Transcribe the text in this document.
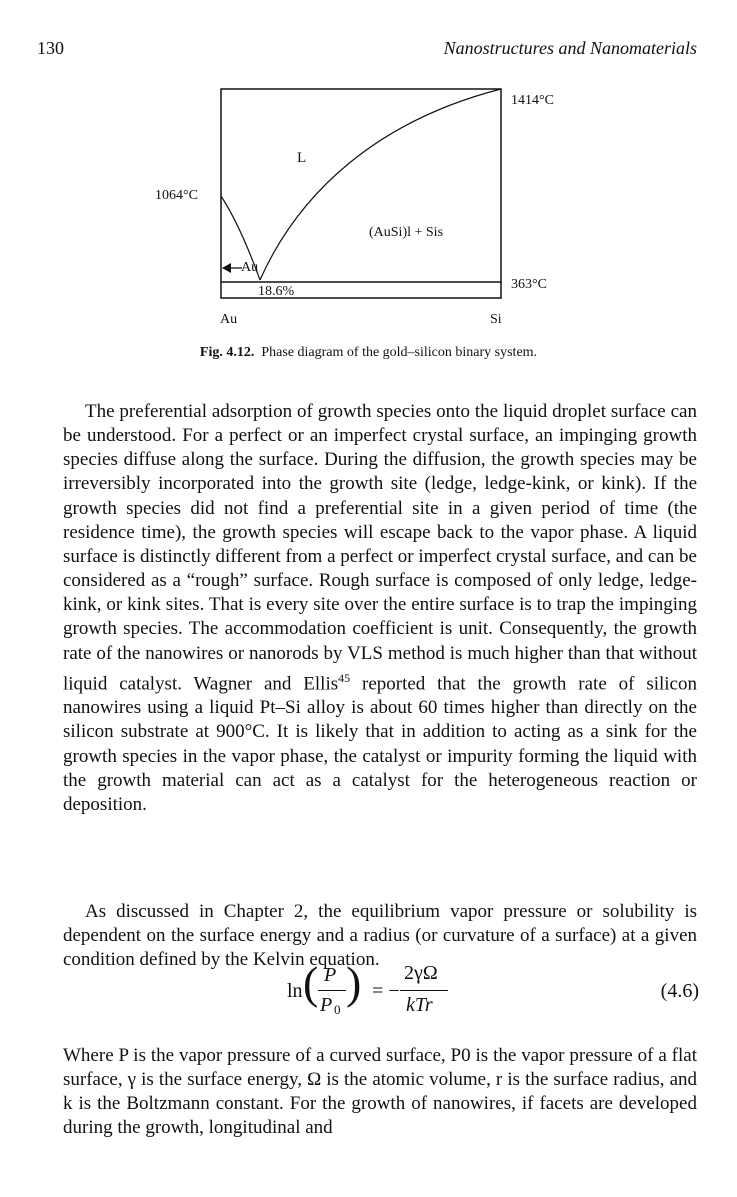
130	Nanostructures and Nanomaterials
1414°C
1064°C
363°C
L
(AuSi)l + Sis
Au
18.6%
Au	Si
Fig. 4.12. Phase diagram of the gold–silicon binary system.

The preferential adsorption of growth species onto the liquid droplet surface can be understood. For a perfect or an imperfect crystal surface, an impinging growth species diffuse along the surface. During the diffusion, the growth species may be irreversibly incorporated into the growth site (ledge, ledge-kink, or kink). If the growth species did not find a preferential site in a given period of time (the residence time), the growth species will escape back to the vapor phase. A liquid surface is distinctly different from a perfect or imperfect crystal surface, and can be considered as a “rough” surface. Rough surface is composed of only ledge, ledge-kink, or kink sites. That is every site over the entire surface is to trap the impinging growth species. The accommodation coefficient is unit. Consequently, the growth rate of the nanowires or nanorods by VLS method is much higher than that without liquid catalyst. Wagner and Ellis$^{45}$ reported that the growth rate of silicon nanowires using a liquid Pt–Si alloy is about 60 times higher than directly on the silicon substrate at 900°C. It is likely that in addition to acting as a sink for the growth species in the vapor phase, the catalyst or impurity forming the liquid with the growth material can act as a catalyst for the heterogeneous reaction or deposition.

As discussed in Chapter 2, the equilibrium vapor pressure or solubility is dependent on the surface energy and a radius (or curvature of a surface) at a given condition defined by the Kelvin equation.

ln ( P
P 0
) = −
2γΩ
kTr
(4.6)

Where P is the vapor pressure of a curved surface, P0 is the vapor pressure of a flat surface, γ is the surface energy, Ω is the atomic volume, r is the surface radius, and k is the Boltzmann constant. For the growth of nanowires, if facets are developed during the growth, longitudinal and
